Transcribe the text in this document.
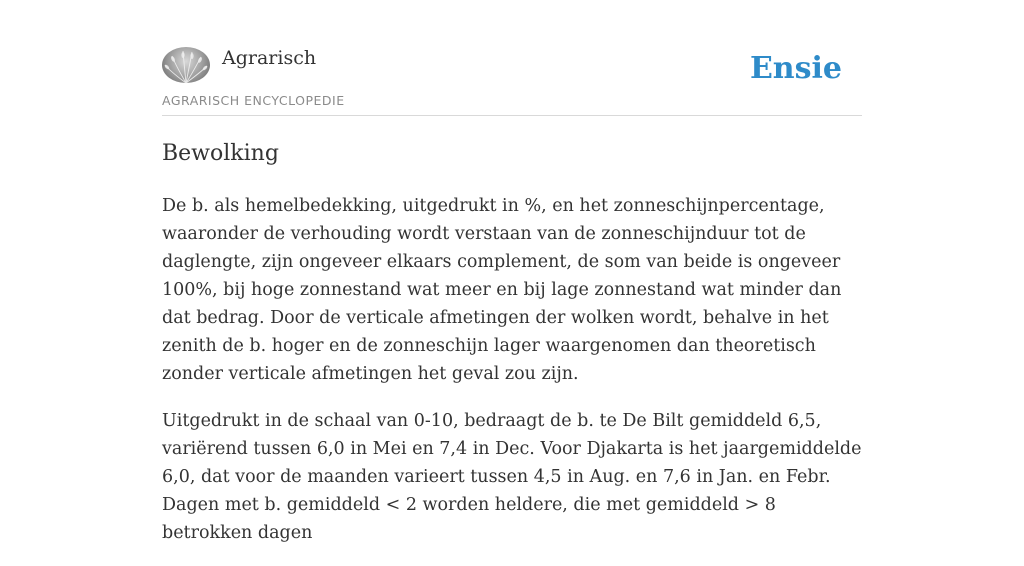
Agrarisch
AGRARISCH ENCYCLOPEDIE
Ensie
Bewolking

De b. als hemelbedekking, uitgedrukt in %, en het zonneschijnpercentage, waaronder de verhouding wordt verstaan van de zonneschijnduur tot de daglengte, zijn ongeveer elkaars complement, de som van beide is ongeveer 100%, bij hoge zonnestand wat meer en bij lage zonnestand wat minder dan dat bedrag. Door de verticale afmetingen der wolken wordt, behalve in het zenith de b. hoger en de zonneschijn lager waargenomen dan theoretisch zonder verticale afmetingen het geval zou zijn.

Uitgedrukt in de schaal van 0-10, bedraagt de b. te De Bilt gemiddeld 6,5, variërend tussen 6,0 in Mei en 7,4 in Dec. Voor Djakarta is het jaargemiddelde 6,0, dat voor de maanden varieert tussen 4,5 in Aug. en 7,6 in Jan. en Febr. Dagen met b. gemiddeld < 2 worden heldere, die met gemiddeld > 8 betrokken dagen
